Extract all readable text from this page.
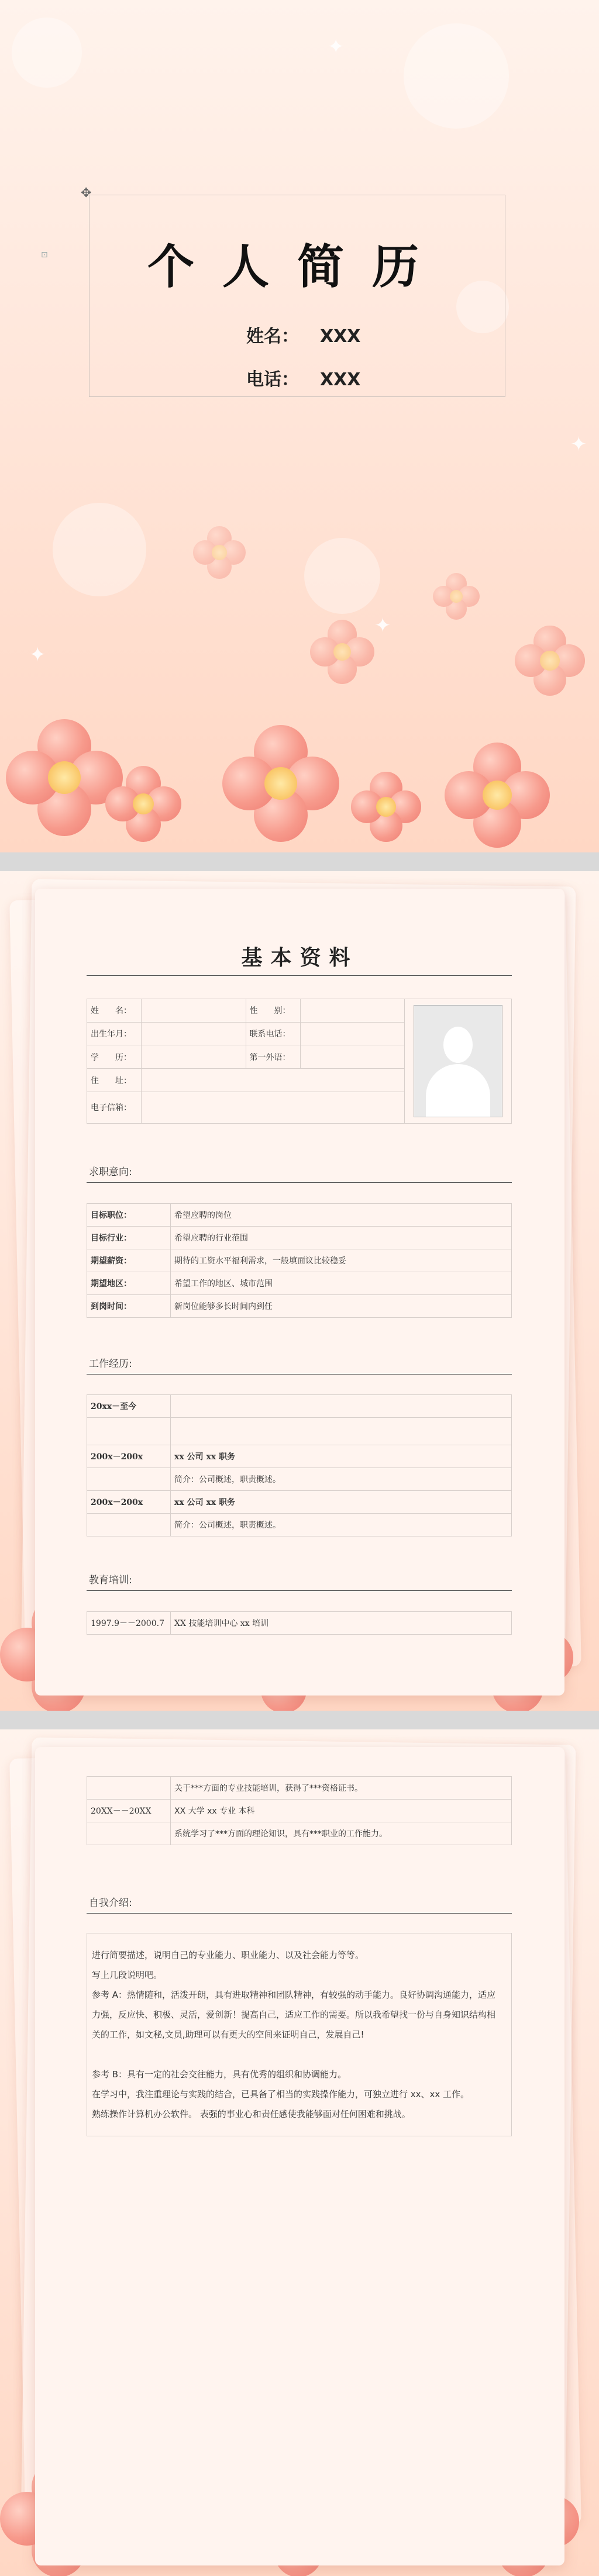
✦
✦
✦
✦
✥
⊡	个人简历
姓名： XXX
电话： XXX
基本资料
姓　　名：		性　　别：		

出生年月：		联系电话：		
学　　历：		第一外语：		
住　　址：				
电子信箱：				
求职意向:
目标职位：	希望应聘的岗位
目标行业：	希望应聘的行业范围
期望薪资：	期待的工资水平福利需求，一般填面议比较稳妥
期望地区：	希望工作的地区、城市范围
到岗时间：	新岗位能够多长时间内到任
工作经历:
20xx－至今	

200x－200x	xx 公司 xx 职务
	简介：公司概述，职责概述。
200x－200x	xx 公司 xx 职务
	简介：公司概述，职责概述。
教育培训:
1997.9－－2000.7	XX 技能培训中心 xx 培训
	关于***方面的专业技能培训，获得了***资格证书。
20XX－－20XX	XX 大学 xx 专业 本科
	系统学习了***方面的理论知识，具有***职业的工作能力。
自我介绍:

进行简要描述，说明自己的专业能力、职业能力、以及社会能力等等。

写上几段说明吧。

参考 A：热情随和，活泼开朗，具有进取精神和团队精神，有较强的动手能力。良好协调沟通能力，适应

力强，反应快、积极、灵活，爱创新！提高自己，适应工作的需要。所以我希望找一份与自身知识结构相

关的工作，如文秘,文员,助理可以有更大的空间来证明自己，发展自己!

参考 B：具有一定的社会交往能力，具有优秀的组织和协调能力。

在学习中，我注重理论与实践的结合，已具备了相当的实践操作能力，可独立进行 xx、xx 工作。

熟练操作计算机办公软件。 表强的事业心和责任感使我能够面对任何困难和挑战。
